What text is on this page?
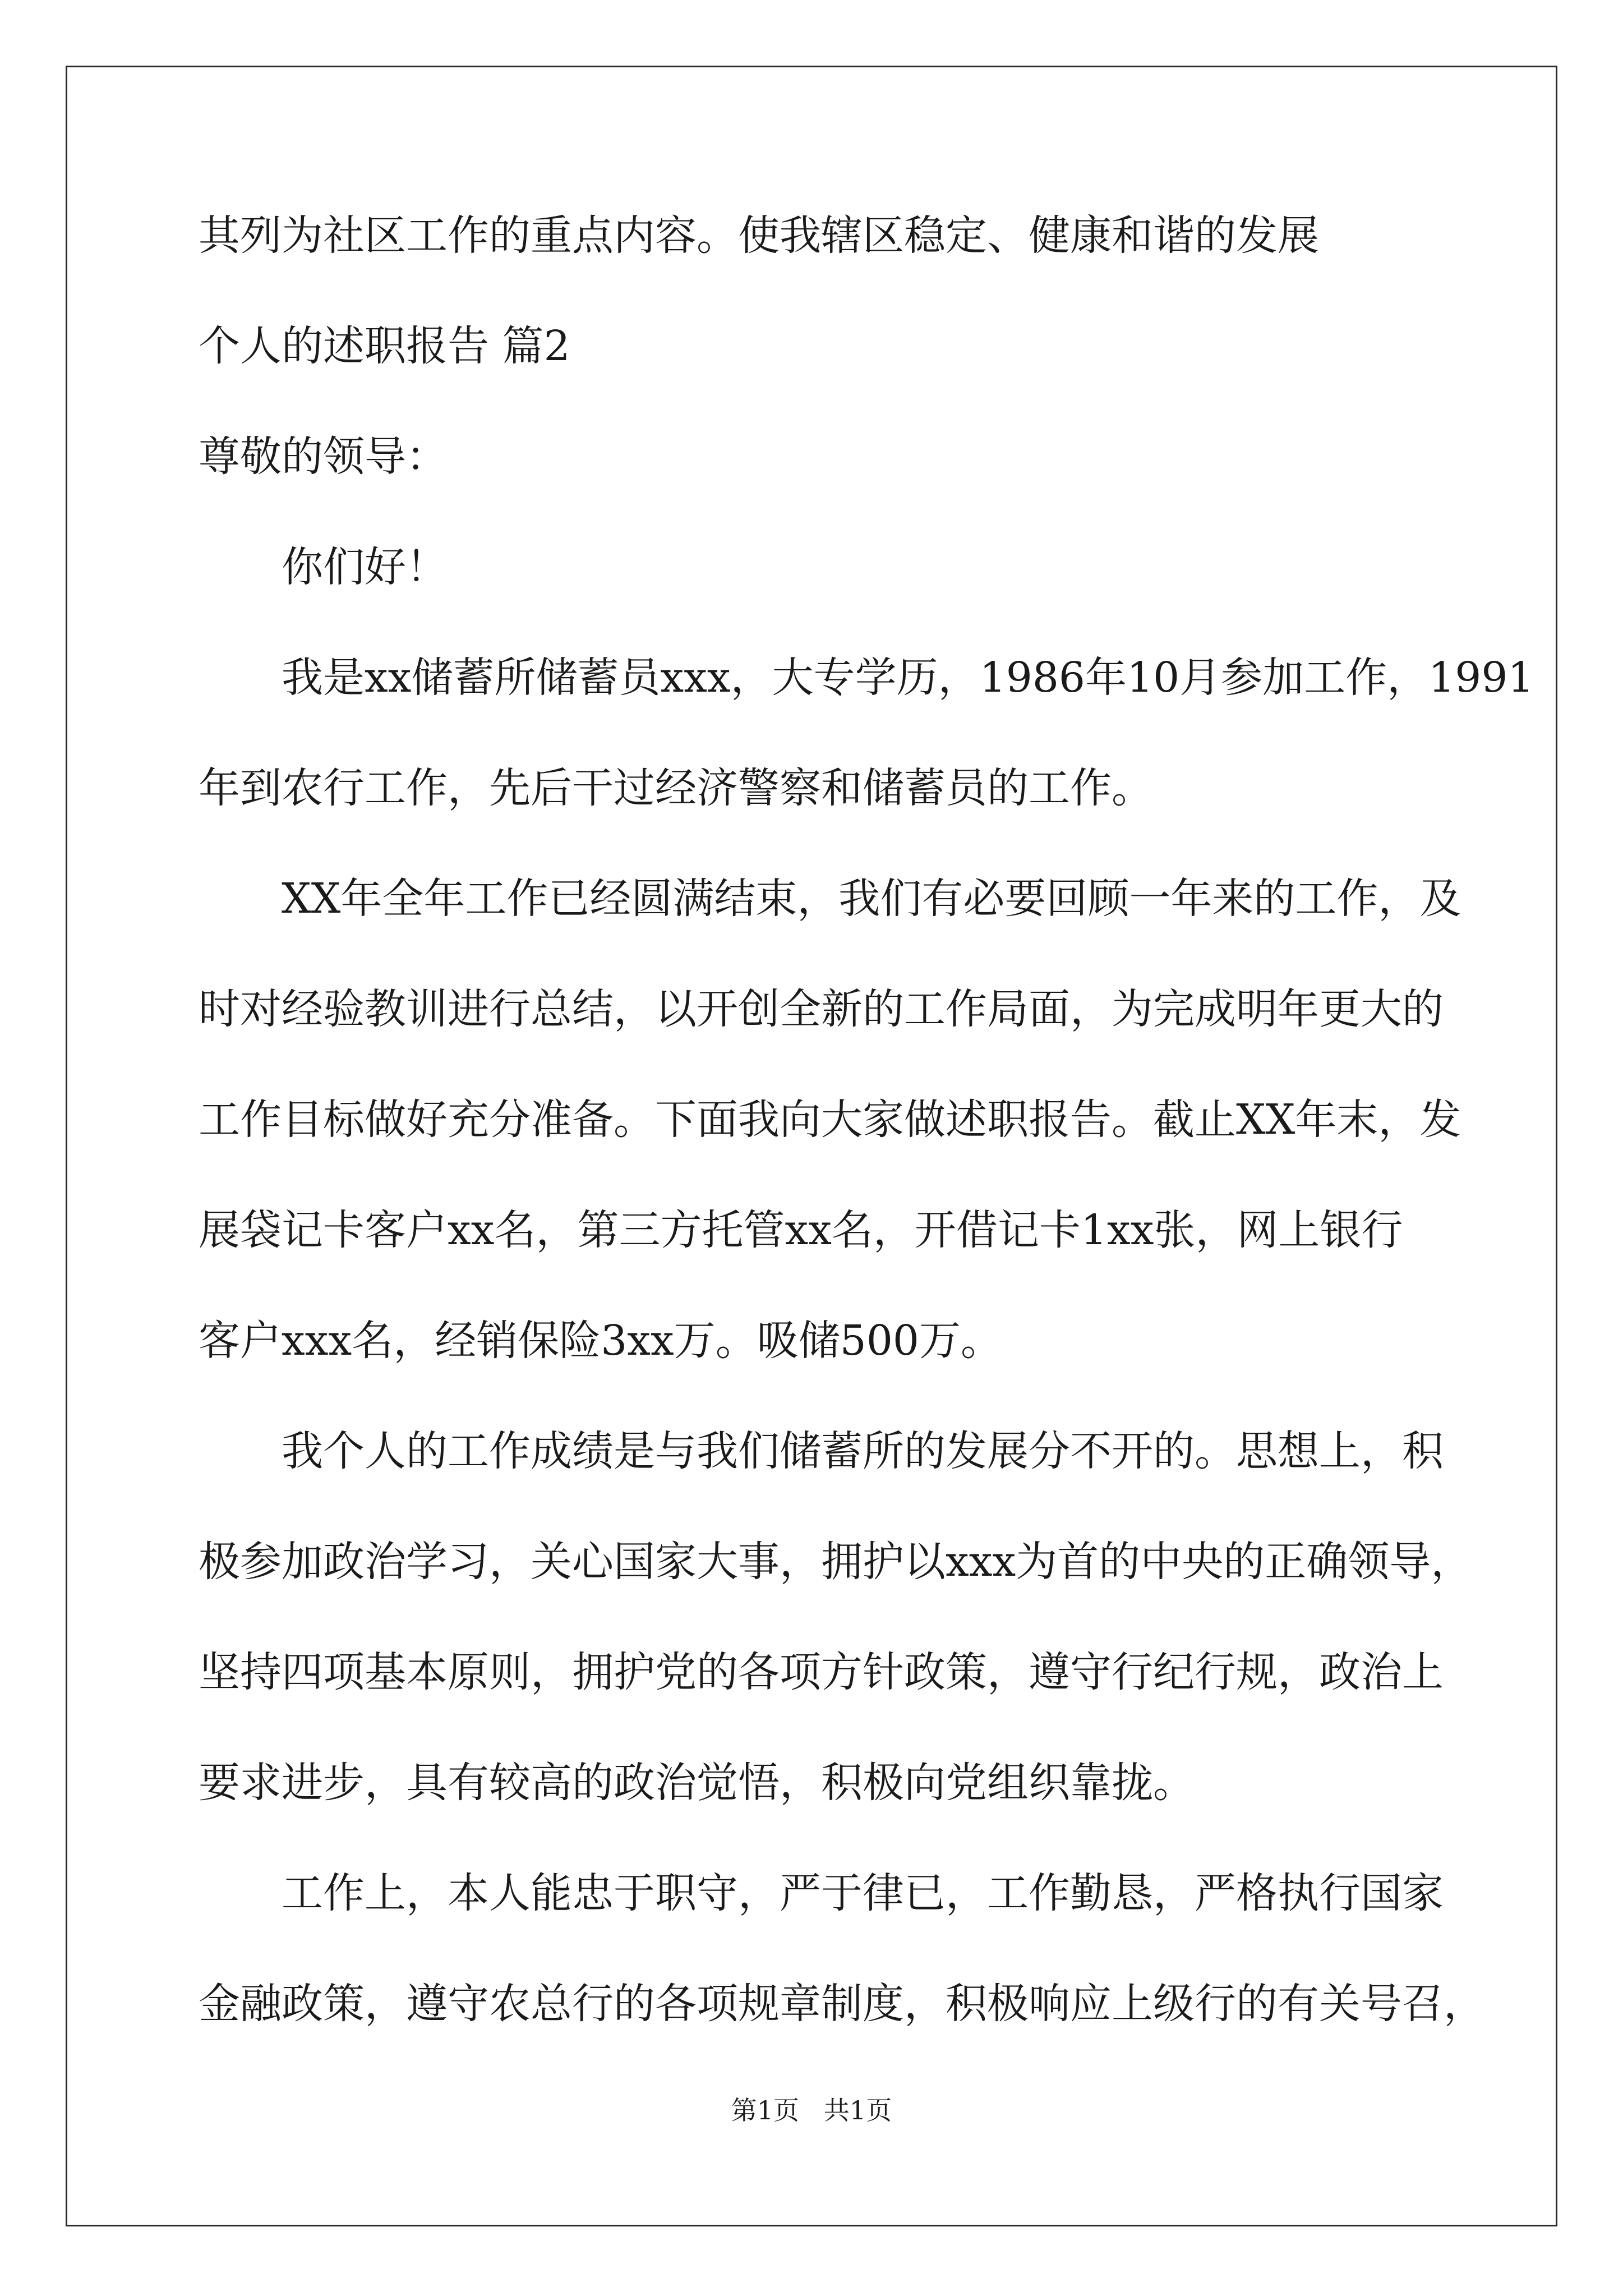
其列为社区工作的重点内容。使我辖区稳定、健康和谐的发展
个人的述职报告 篇2
尊敬的领导：
你们好！
我是xx储蓄所储蓄员xxx，大专学历，1986年10月参加工作，1991
年到农行工作，先后干过经济警察和储蓄员的工作。
XX年全年工作已经圆满结束，我们有必要回顾一年来的工作，及
时对经验教训进行总结，以开创全新的工作局面，为完成明年更大的
工作目标做好充分准备。下面我向大家做述职报告。截止XX年末，发
展袋记卡客户xx名，第三方托管xx名，开借记卡1xx张，网上银行
客户xxx名，经销保险3xx万。吸储500万。
我个人的工作成绩是与我们储蓄所的发展分不开的。思想上，积
极参加政治学习，关心国家大事，拥护以xxx为首的中央的正确领导，
坚持四项基本原则，拥护党的各项方针政策，遵守行纪行规，政治上
要求进步，具有较高的政治觉悟，积极向党组织靠拢。
工作上，本人能忠于职守，严于律已，工作勤恳，严格执行国家
金融政策，遵守农总行的各项规章制度，积极响应上级行的有关号召，
第1页   共1页
